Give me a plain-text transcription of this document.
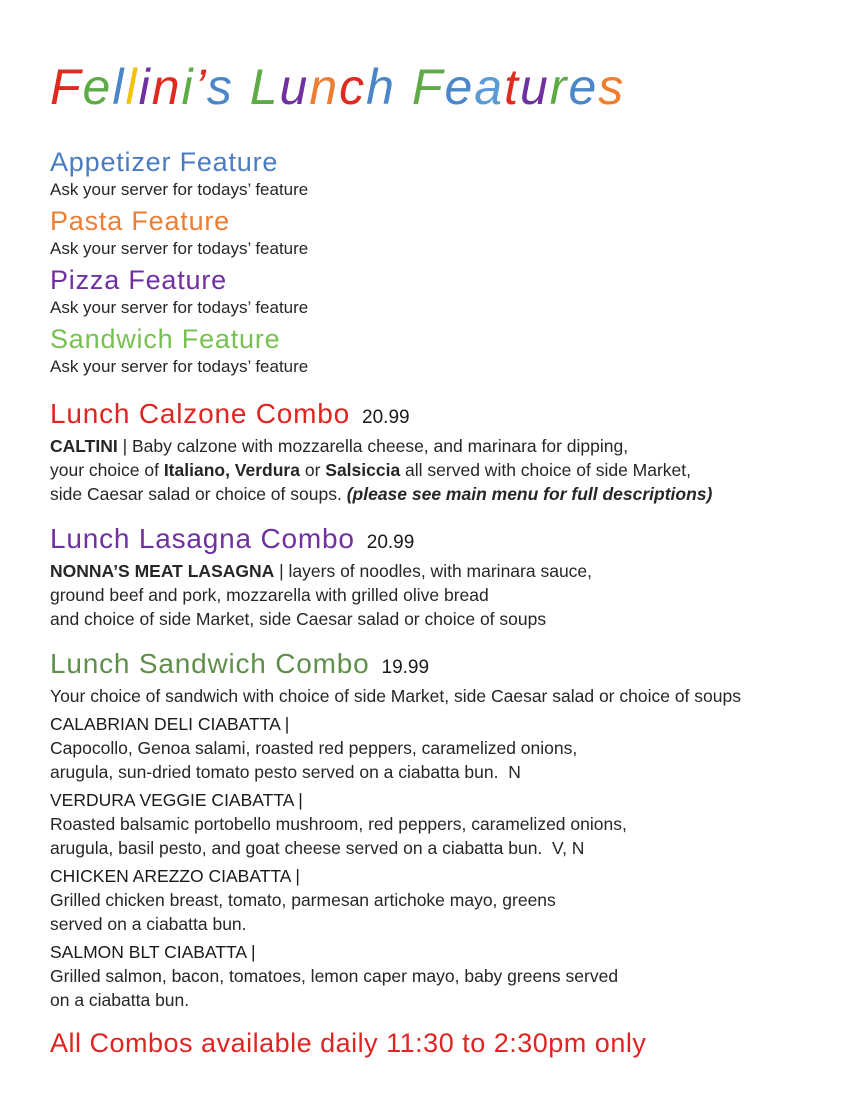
Fellini’s Lunch Features
Appetizer Feature
Ask your server for todays’ feature
Pasta Feature
Ask your server for todays’ feature
Pizza Feature
Ask your server for todays’ feature
Sandwich Feature
Ask your server for todays’ feature
Lunch Calzone Combo 20.99
CALTINI | Baby calzone with mozzarella cheese, and marinara for dipping,
your choice of Italiano, Verdura or Salsiccia all served with choice of side Market,
side Caesar salad or choice of soups. (please see main menu for full descriptions)
Lunch Lasagna Combo 20.99
NONNA’S MEAT LASAGNA | layers of noodles, with marinara sauce,
ground beef and pork, mozzarella with grilled olive bread
and choice of side Market, side Caesar salad or choice of soups
Lunch Sandwich Combo 19.99
Your choice of sandwich with choice of side Market, side Caesar salad or choice of soups
CALABRIAN DELI CIABATTA |
Capocollo, Genoa salami, roasted red peppers, caramelized onions,
arugula, sun-dried tomato pesto served on a ciabatta bun.  N
VERDURA VEGGIE CIABATTA |
Roasted balsamic portobello mushroom, red peppers, caramelized onions,
arugula, basil pesto, and goat cheese served on a ciabatta bun.  V, N
CHICKEN AREZZO CIABATTA |
Grilled chicken breast, tomato, parmesan artichoke mayo, greens
served on a ciabatta bun.
SALMON BLT CIABATTA |
Grilled salmon, bacon, tomatoes, lemon caper mayo, baby greens served
on a ciabatta bun.
All Combos available daily 11:30 to 2:30pm only
